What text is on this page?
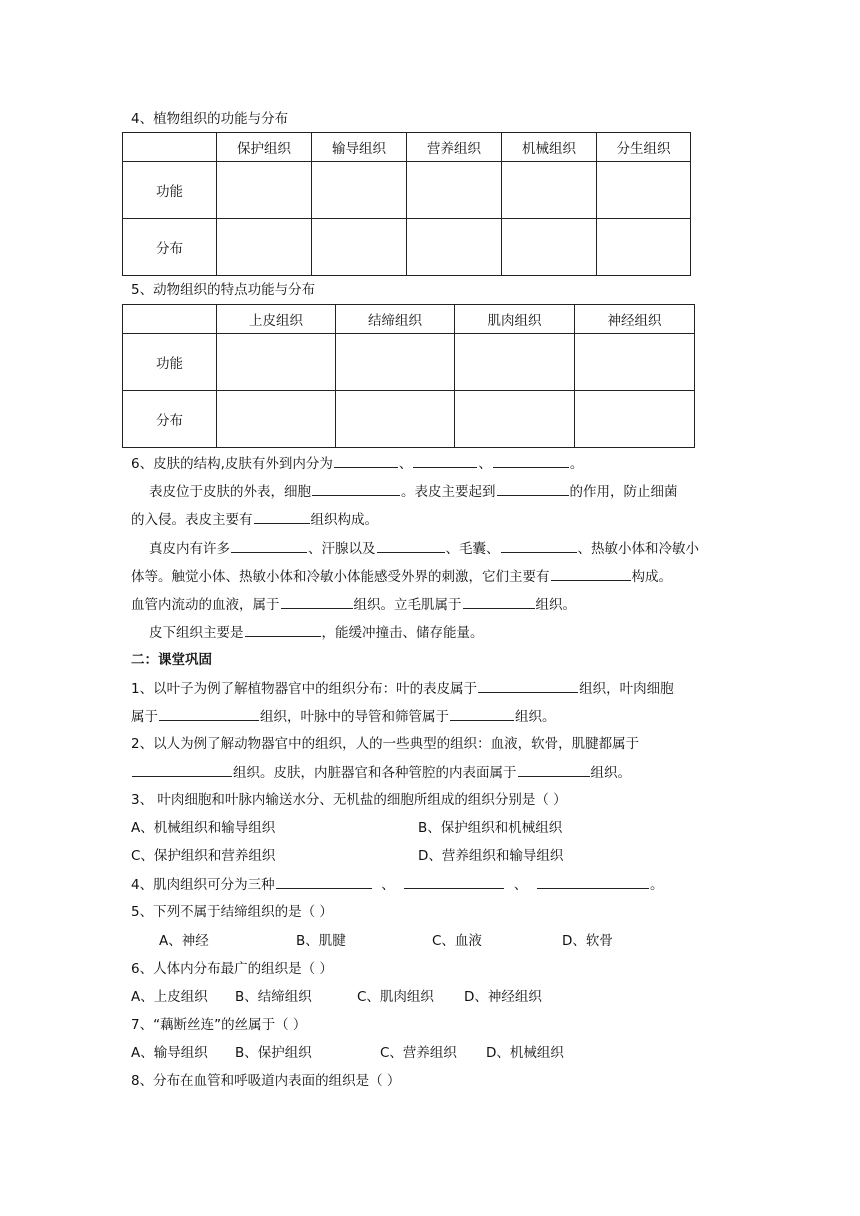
4、植物组织的功能与分布
	保护组织	输导组织	营养组织	机械组织	分生组织
功能					
分布					
5、动物组织的特点功能与分布
	上皮组织	结缔组织	肌肉组织	神经组织
功能				
分布				
6、皮肤的结构,皮肤有外到内分为	、	、	。
表皮位于皮肤的外表，细胞	。表皮主要起到	的作用，防止细菌
的入侵。表皮主要有	组织构成。
真皮内有许多	、汗腺以及	、毛囊、	、热敏小体和冷敏小
体等。触觉小体、热敏小体和冷敏小体能感受外界的刺激，它们主要有	构成。
血管内流动的血液，属于	组织。立毛肌属于	组织。
皮下组织主要是	，能缓冲撞击、储存能量。
二：课堂巩固
1、以叶子为例了解植物器官中的组织分布：叶的表皮属于	组织，叶肉细胞
属于	组织，叶脉中的导管和筛管属于	组织。
2、以人为例了解动物器官中的组织，人的一些典型的组织：血液，软骨，肌腱都属于
组织。皮肤，内脏器官和各种管腔的内表面属于	组织。
3、 叶肉细胞和叶脉内输送水分、无机盐的细胞所组成的组织分别是（ ）
A、机械组织和输导组织	B、保护组织和机械组织
C、保护组织和营养组织	D、营养组织和输导组织
4、肌肉组织可分为三种	、	、	。
5、下列不属于结缔组织的是（ ）
A、神经	B、肌腱	C、血液	D、软骨
6、人体内分布最广的组织是（ ）
A、上皮组织 B、结缔组织	C、肌肉组织 D、神经组织
7、“藕断丝连”的丝属于（ ）
A、输导组织 B、保护组织	C、营养组织 D、机械组织
8、分布在血管和呼吸道内表面的组织是（ ）
